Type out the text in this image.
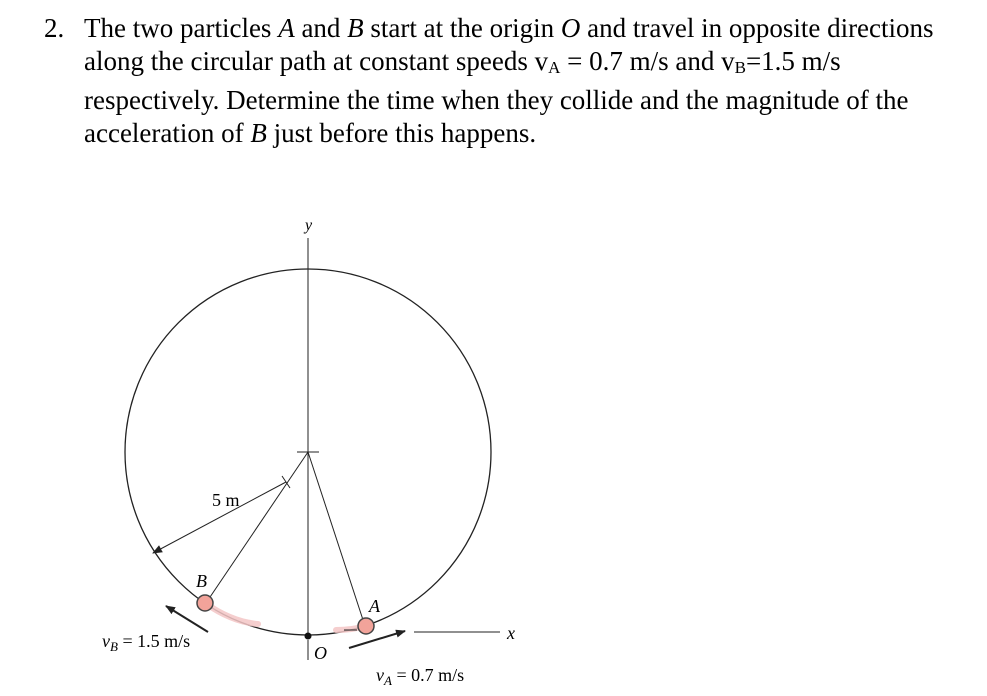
2. The two particles A and B start at the origin O and travel in opposite directions along the circular path at constant speeds vA = 0.7 m/s and vB=1.5 m/s respectively. Determine the time when they collide and the magnitude of the acceleration of B just before this happens.
y
x
5 m
B
A
O
$v_B = 1.5$ m/s
$v_A = 0.7$ m/s
